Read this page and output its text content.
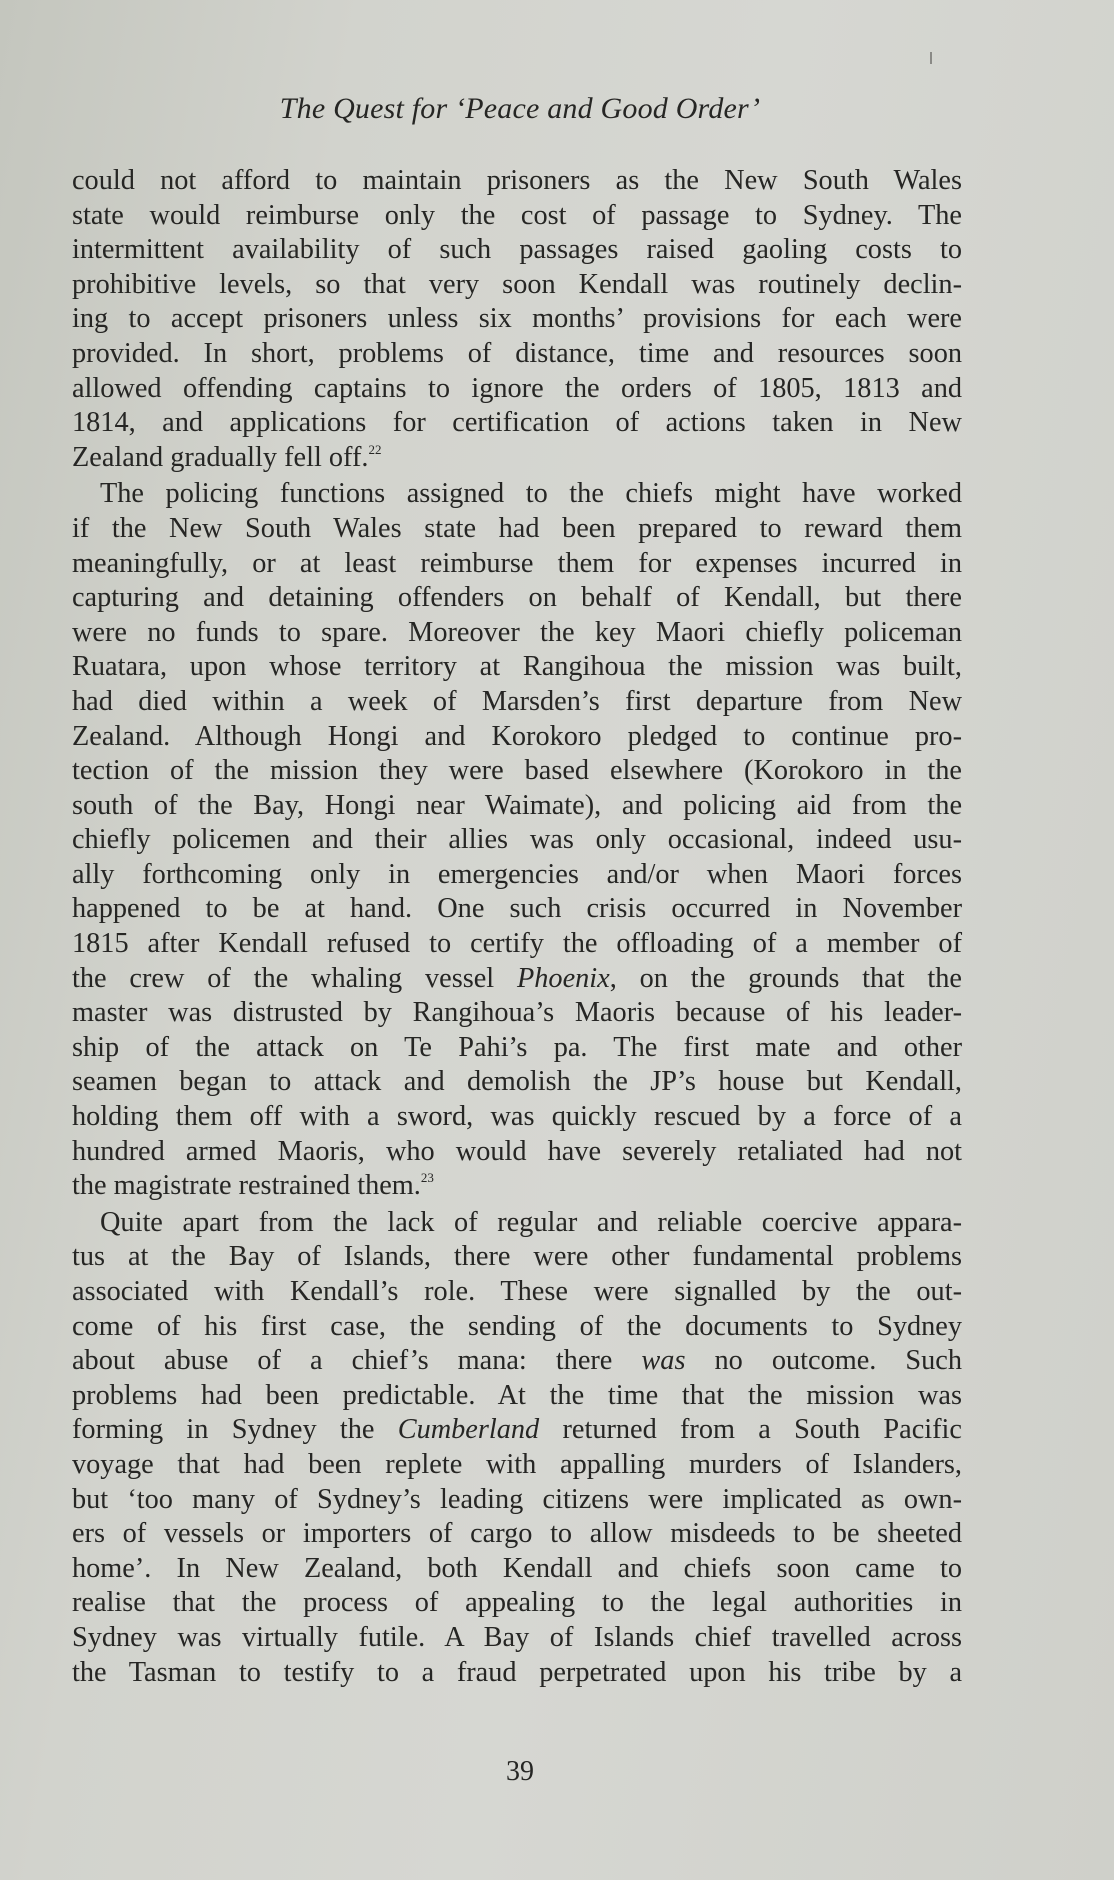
The Quest for ‘Peace and Good Order’
could not afford to maintain prisoners as the New South Wales
state would reimburse only the cost of passage to Sydney. The
intermittent availability of such passages raised gaoling costs to
prohibitive levels, so that very soon Kendall was routinely declin-
ing to accept prisoners unless six months’ provisions for each were
provided. In short, problems of distance, time and resources soon
allowed offending captains to ignore the orders of 1805, 1813 and
1814, and applications for certification of actions taken in New
Zealand gradually fell off.$^{22}$
The policing functions assigned to the chiefs might have worked
if the New South Wales state had been prepared to reward them
meaningfully, or at least reimburse them for expenses incurred in
capturing and detaining offenders on behalf of Kendall, but there
were no funds to spare. Moreover the key Maori chiefly policeman
Ruatara, upon whose territory at Rangihoua the mission was built,
had died within a week of Marsden’s first departure from New
Zealand. Although Hongi and Korokoro pledged to continue pro-
tection of the mission they were based elsewhere (Korokoro in the
south of the Bay, Hongi near Waimate), and policing aid from the
chiefly policemen and their allies was only occasional, indeed usu-
ally forthcoming only in emergencies and/or when Maori forces
happened to be at hand. One such crisis occurred in November
1815 after Kendall refused to certify the offloading of a member of
the crew of the whaling vessel Phoenix, on the grounds that the
master was distrusted by Rangihoua’s Maoris because of his leader-
ship of the attack on Te Pahi’s pa. The first mate and other
seamen began to attack and demolish the JP’s house but Kendall,
holding them off with a sword, was quickly rescued by a force of a
hundred armed Maoris, who would have severely retaliated had not
the magistrate restrained them.$^{23}$
Quite apart from the lack of regular and reliable coercive appara-
tus at the Bay of Islands, there were other fundamental problems
associated with Kendall’s role. These were signalled by the out-
come of his first case, the sending of the documents to Sydney
about abuse of a chief’s mana: there was no outcome. Such
problems had been predictable. At the time that the mission was
forming in Sydney the Cumberland returned from a South Pacific
voyage that had been replete with appalling murders of Islanders,
but ‘too many of Sydney’s leading citizens were implicated as own-
ers of vessels or importers of cargo to allow misdeeds to be sheeted
home’. In New Zealand, both Kendall and chiefs soon came to
realise that the process of appealing to the legal authorities in
Sydney was virtually futile. A Bay of Islands chief travelled across
the Tasman to testify to a fraud perpetrated upon his tribe by a
39
